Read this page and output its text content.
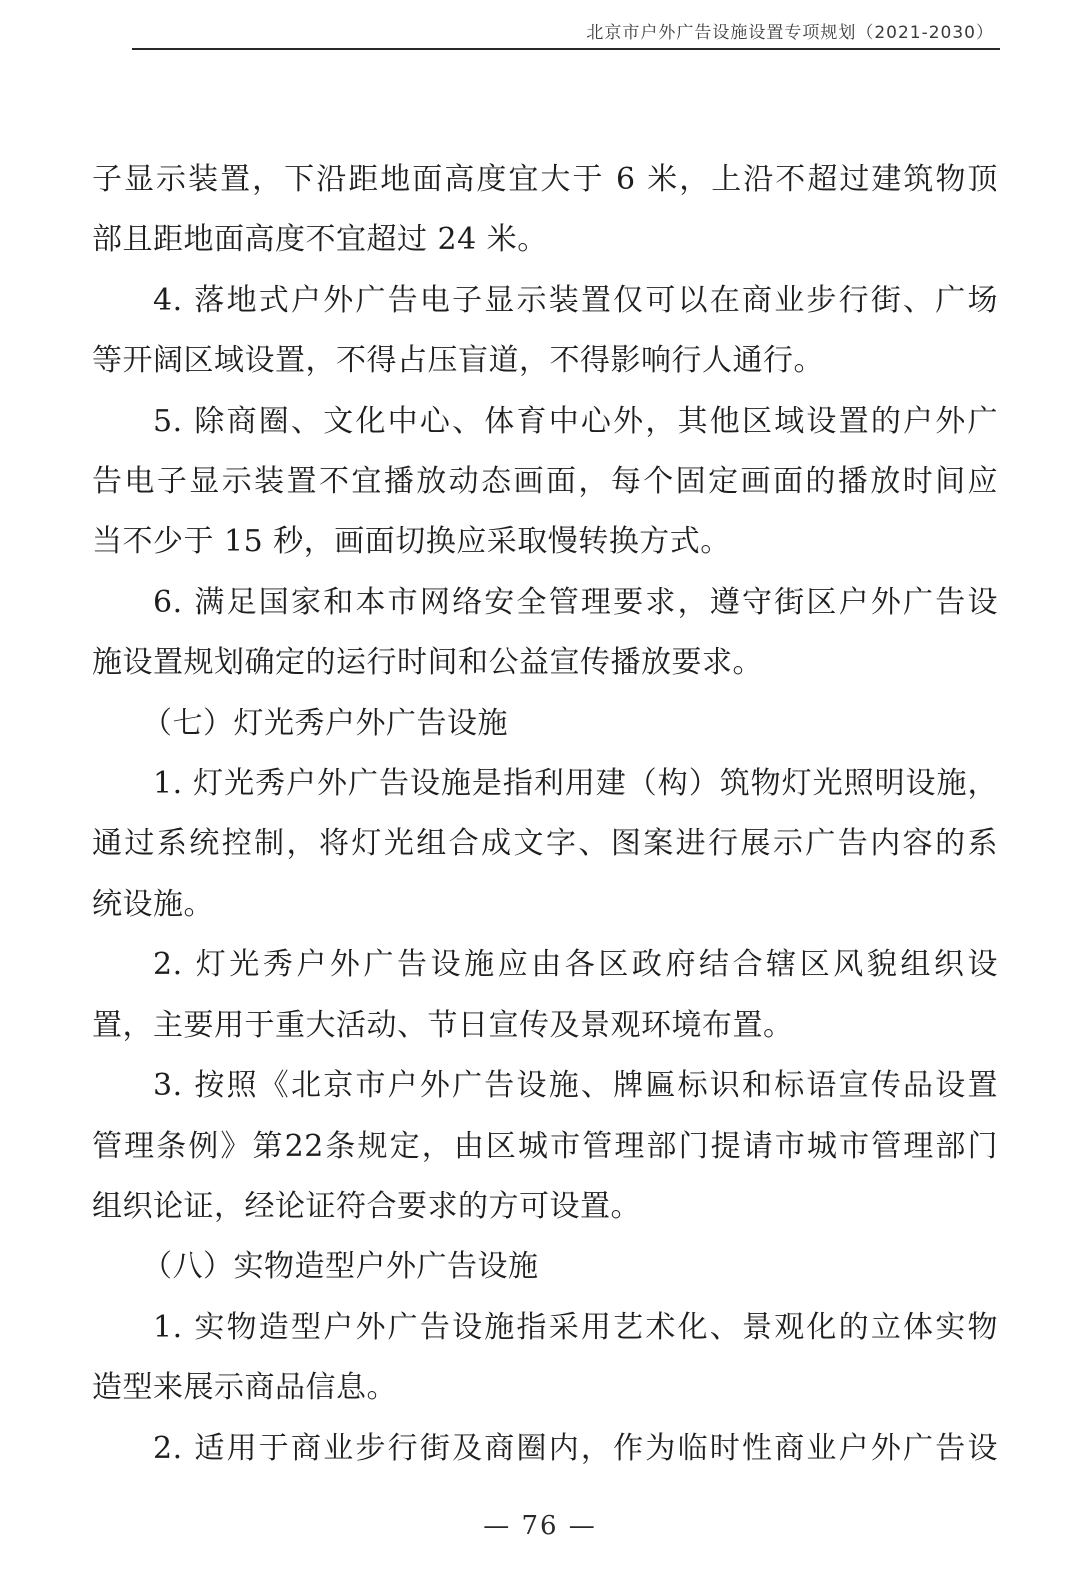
北京市户外广告设施设置专项规划（2021-2030）

子显示装置，下沿距地面高度宜大于 6 米，上沿不超过建筑物顶
部且距地面高度不宜超过 24 米。

4. 落地式户外广告电子显示装置仅可以在商业步行街、广场
等开阔区域设置，不得占压盲道，不得影响行人通行。

5. 除商圈、文化中心、体育中心外，其他区域设置的户外广
告电子显示装置不宜播放动态画面，每个固定画面的播放时间应
当不少于 15 秒，画面切换应采取慢转换方式。

6. 满足国家和本市网络安全管理要求，遵守街区户外广告设
施设置规划确定的运行时间和公益宣传播放要求。

（七）灯光秀户外广告设施

1. 灯光秀户外广告设施是指利用建（构）筑物灯光照明设施，
通过系统控制，将灯光组合成文字、图案进行展示广告内容的系
统设施。

2. 灯光秀户外广告设施应由各区政府结合辖区风貌组织设
置，主要用于重大活动、节日宣传及景观环境布置。

3. 按照《北京市户外广告设施、牌匾标识和标语宣传品设置
管理条例》第22条规定，由区城市管理部门提请市城市管理部门
组织论证，经论证符合要求的方可设置。

（八）实物造型户外广告设施

1. 实物造型户外广告设施指采用艺术化、景观化的立体实物
造型来展示商品信息。

2. 适用于商业步行街及商圈内，作为临时性商业户外广告设

— 76 —
